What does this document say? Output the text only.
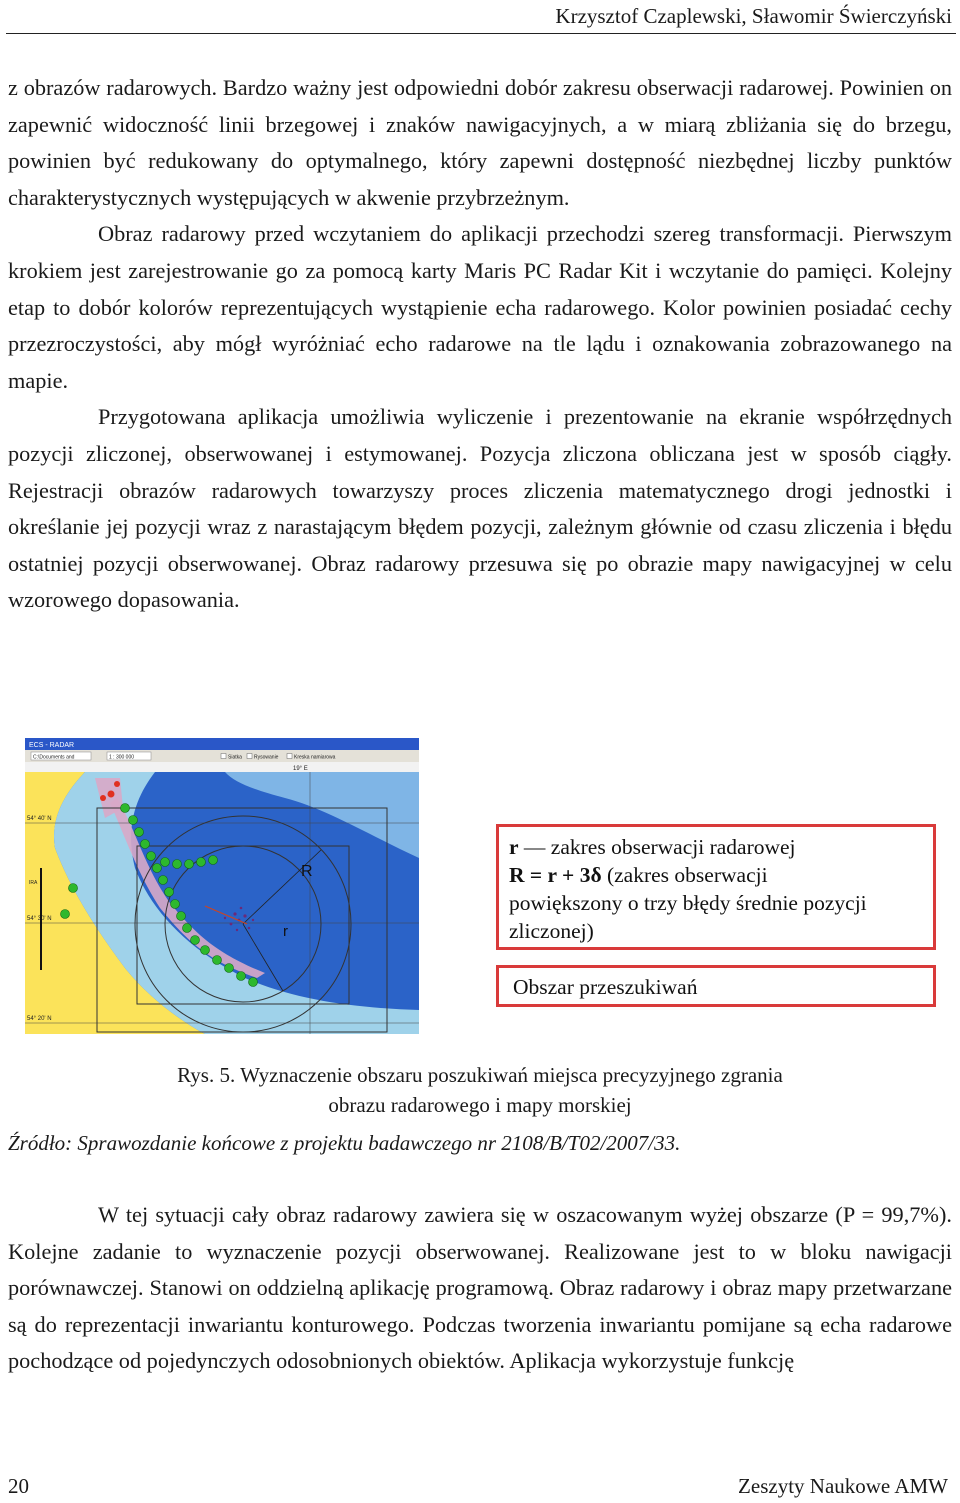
Krzysztof Czaplewski, Sławomir Świerczyński

z obrazów radarowych. Bardzo ważny jest odpowiedni dobór zakresu obserwacji radarowej. Powinien on zapewnić widoczność linii brzegowej i znaków nawigacyjnych, a w miarą zbliżania się do brzegu, powinien być redukowany do optymalnego, który zapewni dostępność niezbędnej liczby punktów charakterystycznych występujących w akwenie przybrzeżnym.

Obraz radarowy przed wczytaniem do aplikacji przechodzi szereg transformacji. Pierwszym krokiem jest zarejestrowanie go za pomocą karty Maris PC Radar Kit i wczytanie do pamięci. Kolejny etap to dobór kolorów reprezentujących wystąpienie echa radarowego. Kolor powinien posiadać cechy przezroczystości, aby mógł wyróżniać echo radarowe na tle lądu i oznakowania zobrazowanego na mapie.

Przygotowana aplikacja umożliwia wyliczenie i prezentowanie na ekranie współrzędnych pozycji zliczonej, obserwowanej i estymowanej. Pozycja zliczona obliczana jest w sposób ciągły. Rejestracji obrazów radarowych towarzyszy proces zliczenia matematycznego drogi jednostki i określanie jej pozycji wraz z narastającym błędem pozycji, zależnym głównie od czasu zliczenia i błędu ostatniej pozycji obserwowanej. Obraz radarowy przesuwa się po obrazie mapy nawigacyjnej w celu wzorowego dopasowania.

ECS - RADAR
C:\Documents and	1 : 300 000	Siatka Rysowanie	Kreska namiarowa
19° E
54° 40' N
54° 30' N
54° 20' N
IRA
R
r
r — zakres obserwacji radarowej
R = r + 3δ (zakres obserwacji
powiększony o trzy błędy średnie pozycji
zliczonej)
Obszar przeszukiwań
Rys. 5. Wyznaczenie obszaru poszukiwań miejsca precyzyjnego zgrania
obrazu radarowego i mapy morskiej
Źródło: Sprawozdanie końcowe z projektu badawczego nr 2108/B/T02/2007/33.

W tej sytuacji cały obraz radarowy zawiera się w oszacowanym wyżej obszarze (P = 99,7%). Kolejne zadanie to wyznaczenie pozycji obserwowanej. Realizowane jest to w bloku nawigacji porównawczej. Stanowi on oddzielną aplikację programową. Obraz radarowy i obraz mapy przetwarzane są do reprezentacji inwariantu konturowego. Podczas tworzenia inwariantu pomijane są echa radarowe pochodzące od pojedynczych odosobnionych obiektów. Aplikacja wykorzystuje funkcję

20	Zeszyty Naukowe AMW
